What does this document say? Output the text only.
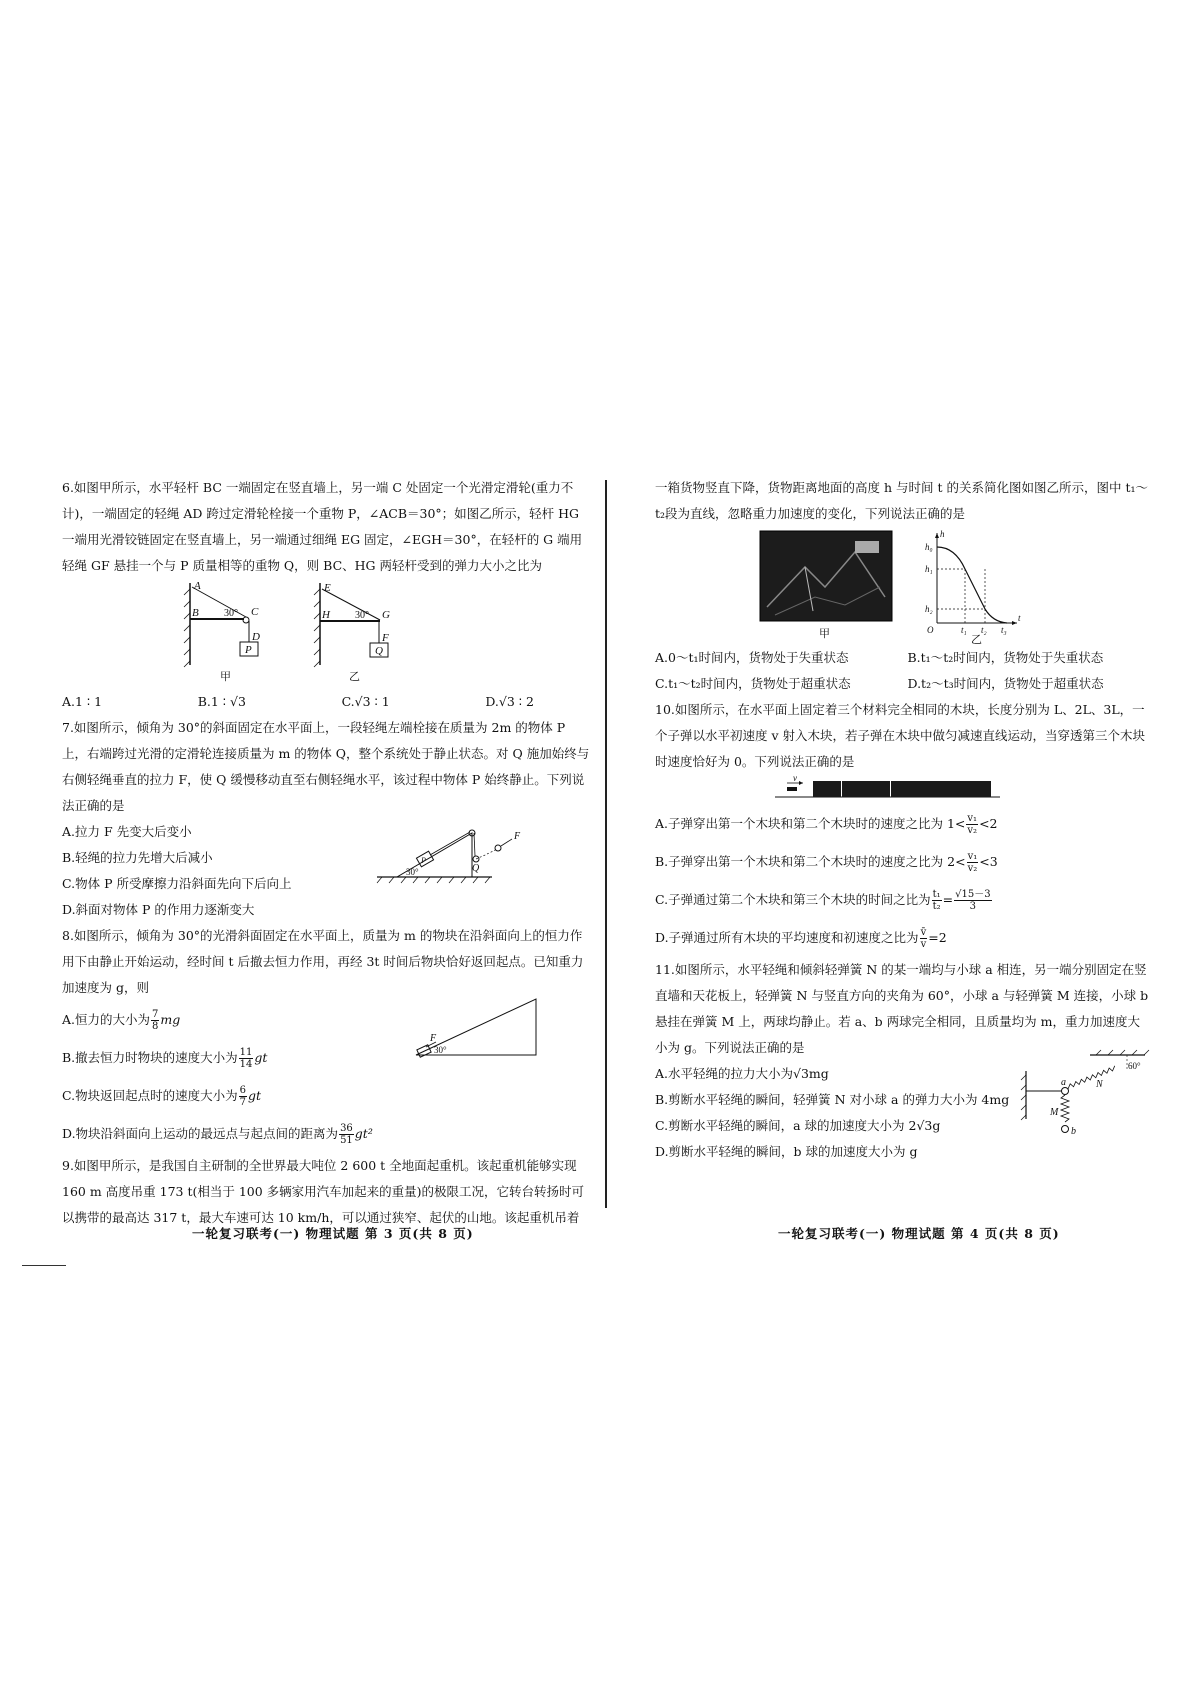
6.如图甲所示，水平轻杆 BC 一端固定在竖直墙上，另一端 C 处固定一个光滑定滑轮(重力不计)，一端固定的轻绳 AD 跨过定滑轮栓接一个重物 P，∠ACB＝30°；如图乙所示，轻杆 HG 一端用光滑铰链固定在竖直墙上，另一端通过细绳 EG 固定，∠EGH＝30°，在轻杆的 G 端用轻绳 GF 悬挂一个与 P 质量相等的重物 Q，则 BC、HG 两轻杆受到的弹力大小之比为

A
B	C
D
P
30°
甲
E
H	G
F
Q
30°
乙
A.1 ∶ 1	B.1 ∶ √3	C.√3 ∶ 1	D.√3 ∶ 2

7.如图所示，倾角为 30°的斜面固定在水平面上，一段轻绳左端栓接在质量为 2m 的物体 P 上，右端跨过光滑的定滑轮连接质量为 m 的物体 Q，整个系统处于静止状态。对 Q 施加始终与右侧轻绳垂直的拉力 F，使 Q 缓慢移动直至右侧轻绳水平，该过程中物体 P 始终静止。下列说法正确的是

A.拉力 F 先变大后变小

B.轻绳的拉力先增大后减小

C.物体 P 所受摩擦力沿斜面先向下后向上

D.斜面对物体 P 的作用力逐渐变大

P
Q
F
30°

8.如图所示，倾角为 30°的光滑斜面固定在水平面上，质量为 m 的物块在沿斜面向上的恒力作用下由静止开始运动，经时间 t 后撤去恒力作用，再经 3t 时间后物块恰好返回起点。已知重力加速度为 g，则

F
30°

A.恒力的大小为 $\frac{7}{8}$ mg

B.撤去恒力时物块的速度大小为 $\frac{11}{14}$ gt

C.物块返回起点时的速度大小为 $\frac{6}{7}$ gt

D.物块沿斜面向上运动的最远点与起点间的距离为 $\frac{36}{51} gt^2$

9.如图甲所示，是我国自主研制的全世界最大吨位 2 600 t 全地面起重机。该起重机能够实现 160 m 高度吊重 173 t(相当于 100 多辆家用汽车加起来的重量)的极限工况，它转台转扬时可以携带的最高达 317 t，最大车速可达 10 km/h，可以通过狭窄、起伏的山地。该起重机吊着

一轮复习联考(一) 物理试题 第 3 页(共 8 页)

一箱货物竖直下降，货物距离地面的高度 h 与时间 t 的关系简化图如图乙所示，图中 t₁～t₂段为直线，忽略重力加速度的变化，下列说法正确的是

甲
h
t
h₀
h₁
h₂
O	t₁ t₂ t₃
乙
A.0～t₁时间内，货物处于失重状态	B.t₁～t₂时间内，货物处于失重状态
C.t₁～t₂时间内，货物处于超重状态	D.t₂～t₃时间内，货物处于超重状态

10.如图所示，在水平面上固定着三个材料完全相同的木块，长度分别为 L、2L、3L，一个子弹以水平初速度 v 射入木块，若子弹在木块中做匀减速直线运动，当穿透第三个木块时速度恰好为 0。下列说法正确的是

v

A.子弹穿出第一个木块和第二个木块时的速度之比为 $1< \frac{\text{v₁}}{\text{v₂}} <2$

B.子弹穿出第一个木块和第二个木块时的速度之比为 $2< \frac{\text{v₁}}{\text{v₂}} <3$

C.子弹通过第二个木块和第三个木块的时间之比为 $\frac{\text{t₁}}{\text{t₂}} = \frac{√15-3}{3}$

D.子弹通过所有木块的平均速度和初速度之比为 $\frac{v̄}{v} =2$

11.如图所示，水平轻绳和倾斜轻弹簧 N 的某一端均与小球 a 相连，另一端分别固定在竖直墙和天花板上，轻弹簧 N 与竖直方向的夹角为 60°，小球 a 与轻弹簧 M 连接，小球 b 悬挂在弹簧 M 上，两球均静止。若 a、b 两球完全相同，且质量均为 m，重力加速度大小为 g。下列说法正确的是

A.水平轻绳的拉力大小为√3mg

B.剪断水平轻绳的瞬间，轻弹簧 N 对小球 a 的弹力大小为 4mg

C.剪断水平轻绳的瞬间，a 球的加速度大小为 2√3g

D.剪断水平轻绳的瞬间，b 球的加速度大小为 g

a
b
M
N
60°
一轮复习联考(一) 物理试题 第 4 页(共 8 页)
